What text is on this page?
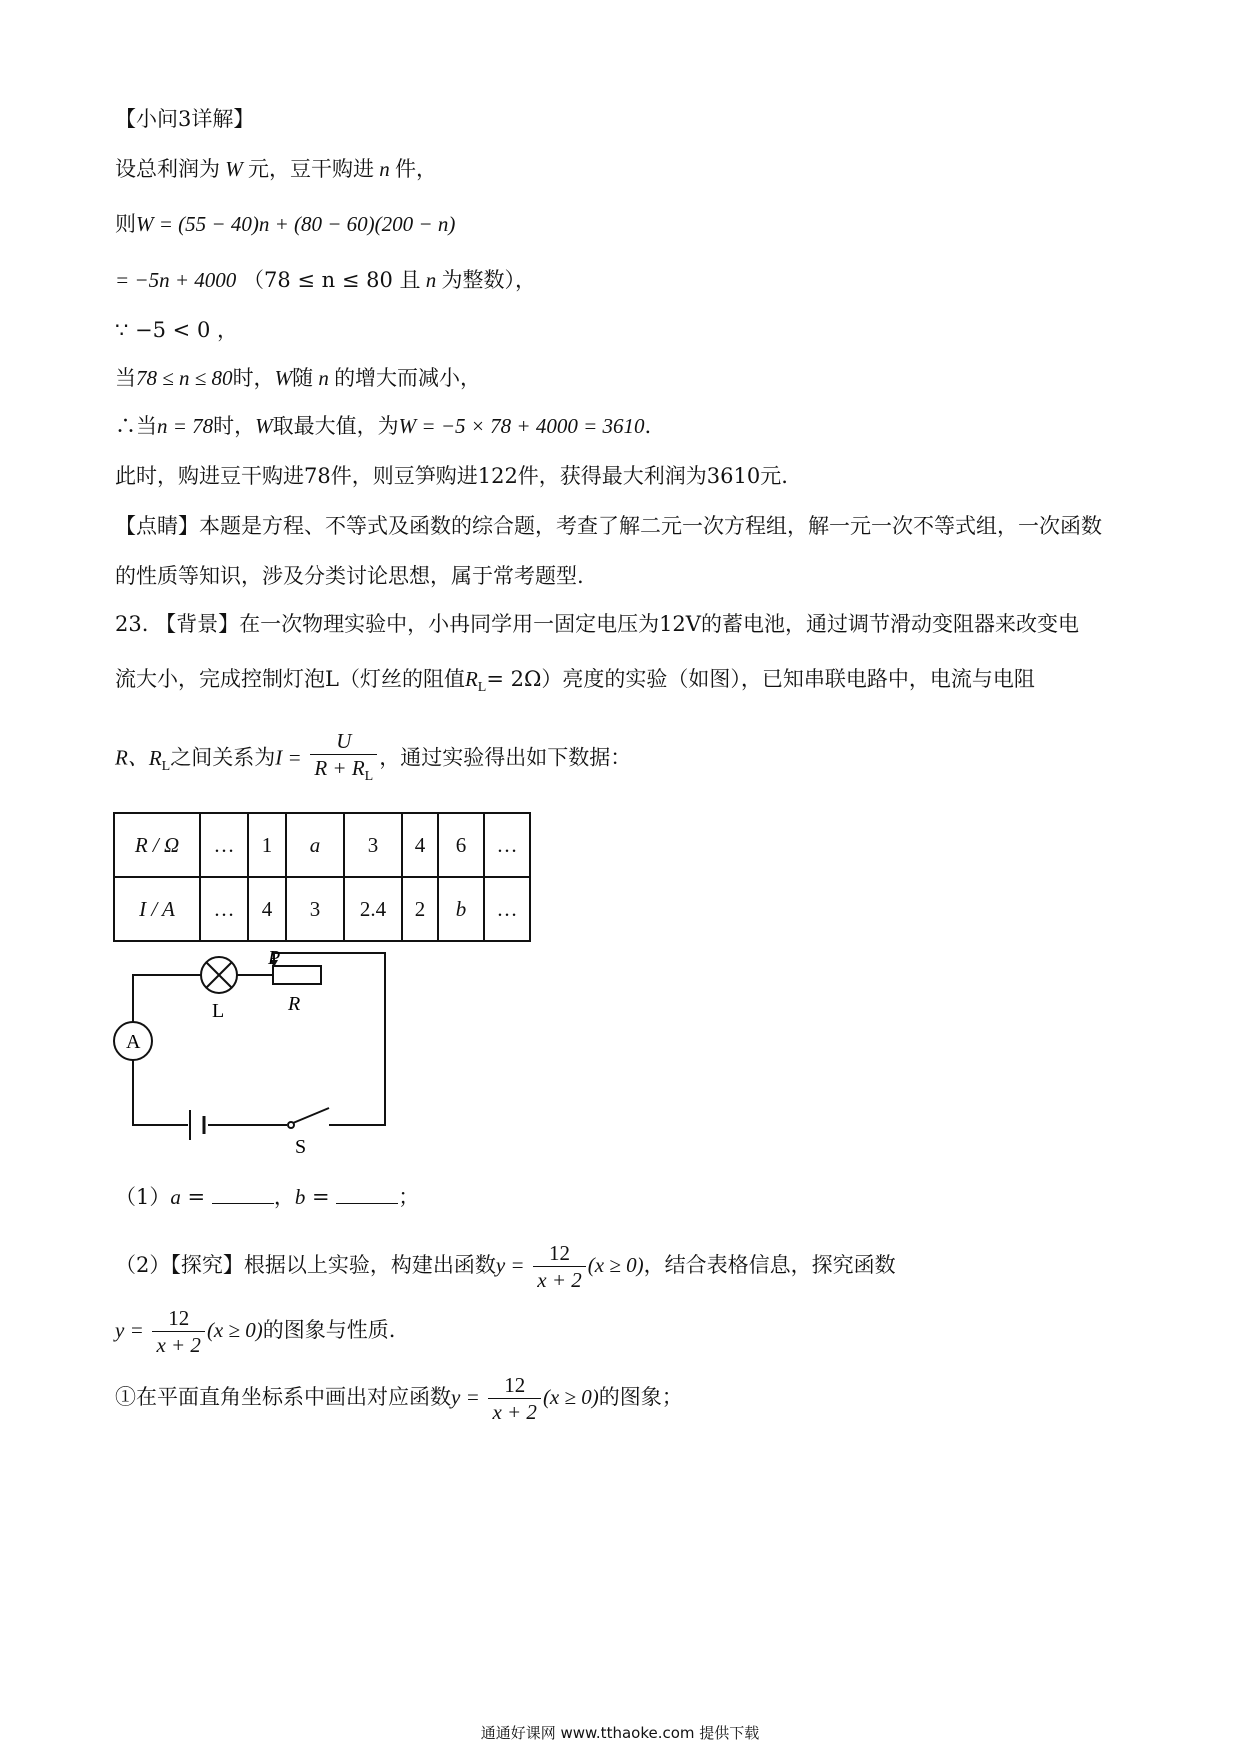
【小问3详解】
设总利润为 W 元，豆干购进 n 件，
则W = (55 − 40)n + (80 − 60)(200 − n)
= −5n + 4000 （78 ≤ n ≤ 80 且 n 为整数），
∵ −5 < 0 ，
当78 ≤ n ≤ 80时，W随 n 的增大而减小，
∴当n = 78时，W取最大值，为W = −5 × 78 + 4000 = 3610.
此时，购进豆干购进78件，则豆笋购进122件，获得最大利润为3610元.
【点睛】本题是方程、不等式及函数的综合题，考查了解二元一次方程组，解一元一次不等式组，一次函数
的性质等知识，涉及分类讨论思想，属于常考题型.
23. 【背景】在一次物理实验中，小冉同学用一固定电压为12V的蓄电池，通过调节滑动变阻器来改变电
流大小，完成控制灯泡L（灯丝的阻值$R_L= 2\Omega$）亮度的实验（如图），已知串联电路中，电流与电阻
R、$R_L$之间关系为$I = \frac{U}{R + R_L}$ ，通过实验得出如下数据：
R / Ω	…	1	a	3	4	6	…
I / A	…	4	3	2.4	2	b	…
P
R
L
A
S
（1）a =	，b =	；
（2）【探究】根据以上实验，构建出函数$y = \frac{12}{x + 2} (x \ge 0)$，结合表格信息，探究函数
$y = \frac{12}{x + 2} (x \ge 0)$的图象与性质.
①在平面直角坐标系中画出对应函数$y = \frac{12}{x + 2} (x \ge 0)$的图象；
通通好课网 www.tthaoke.com 提供下载
